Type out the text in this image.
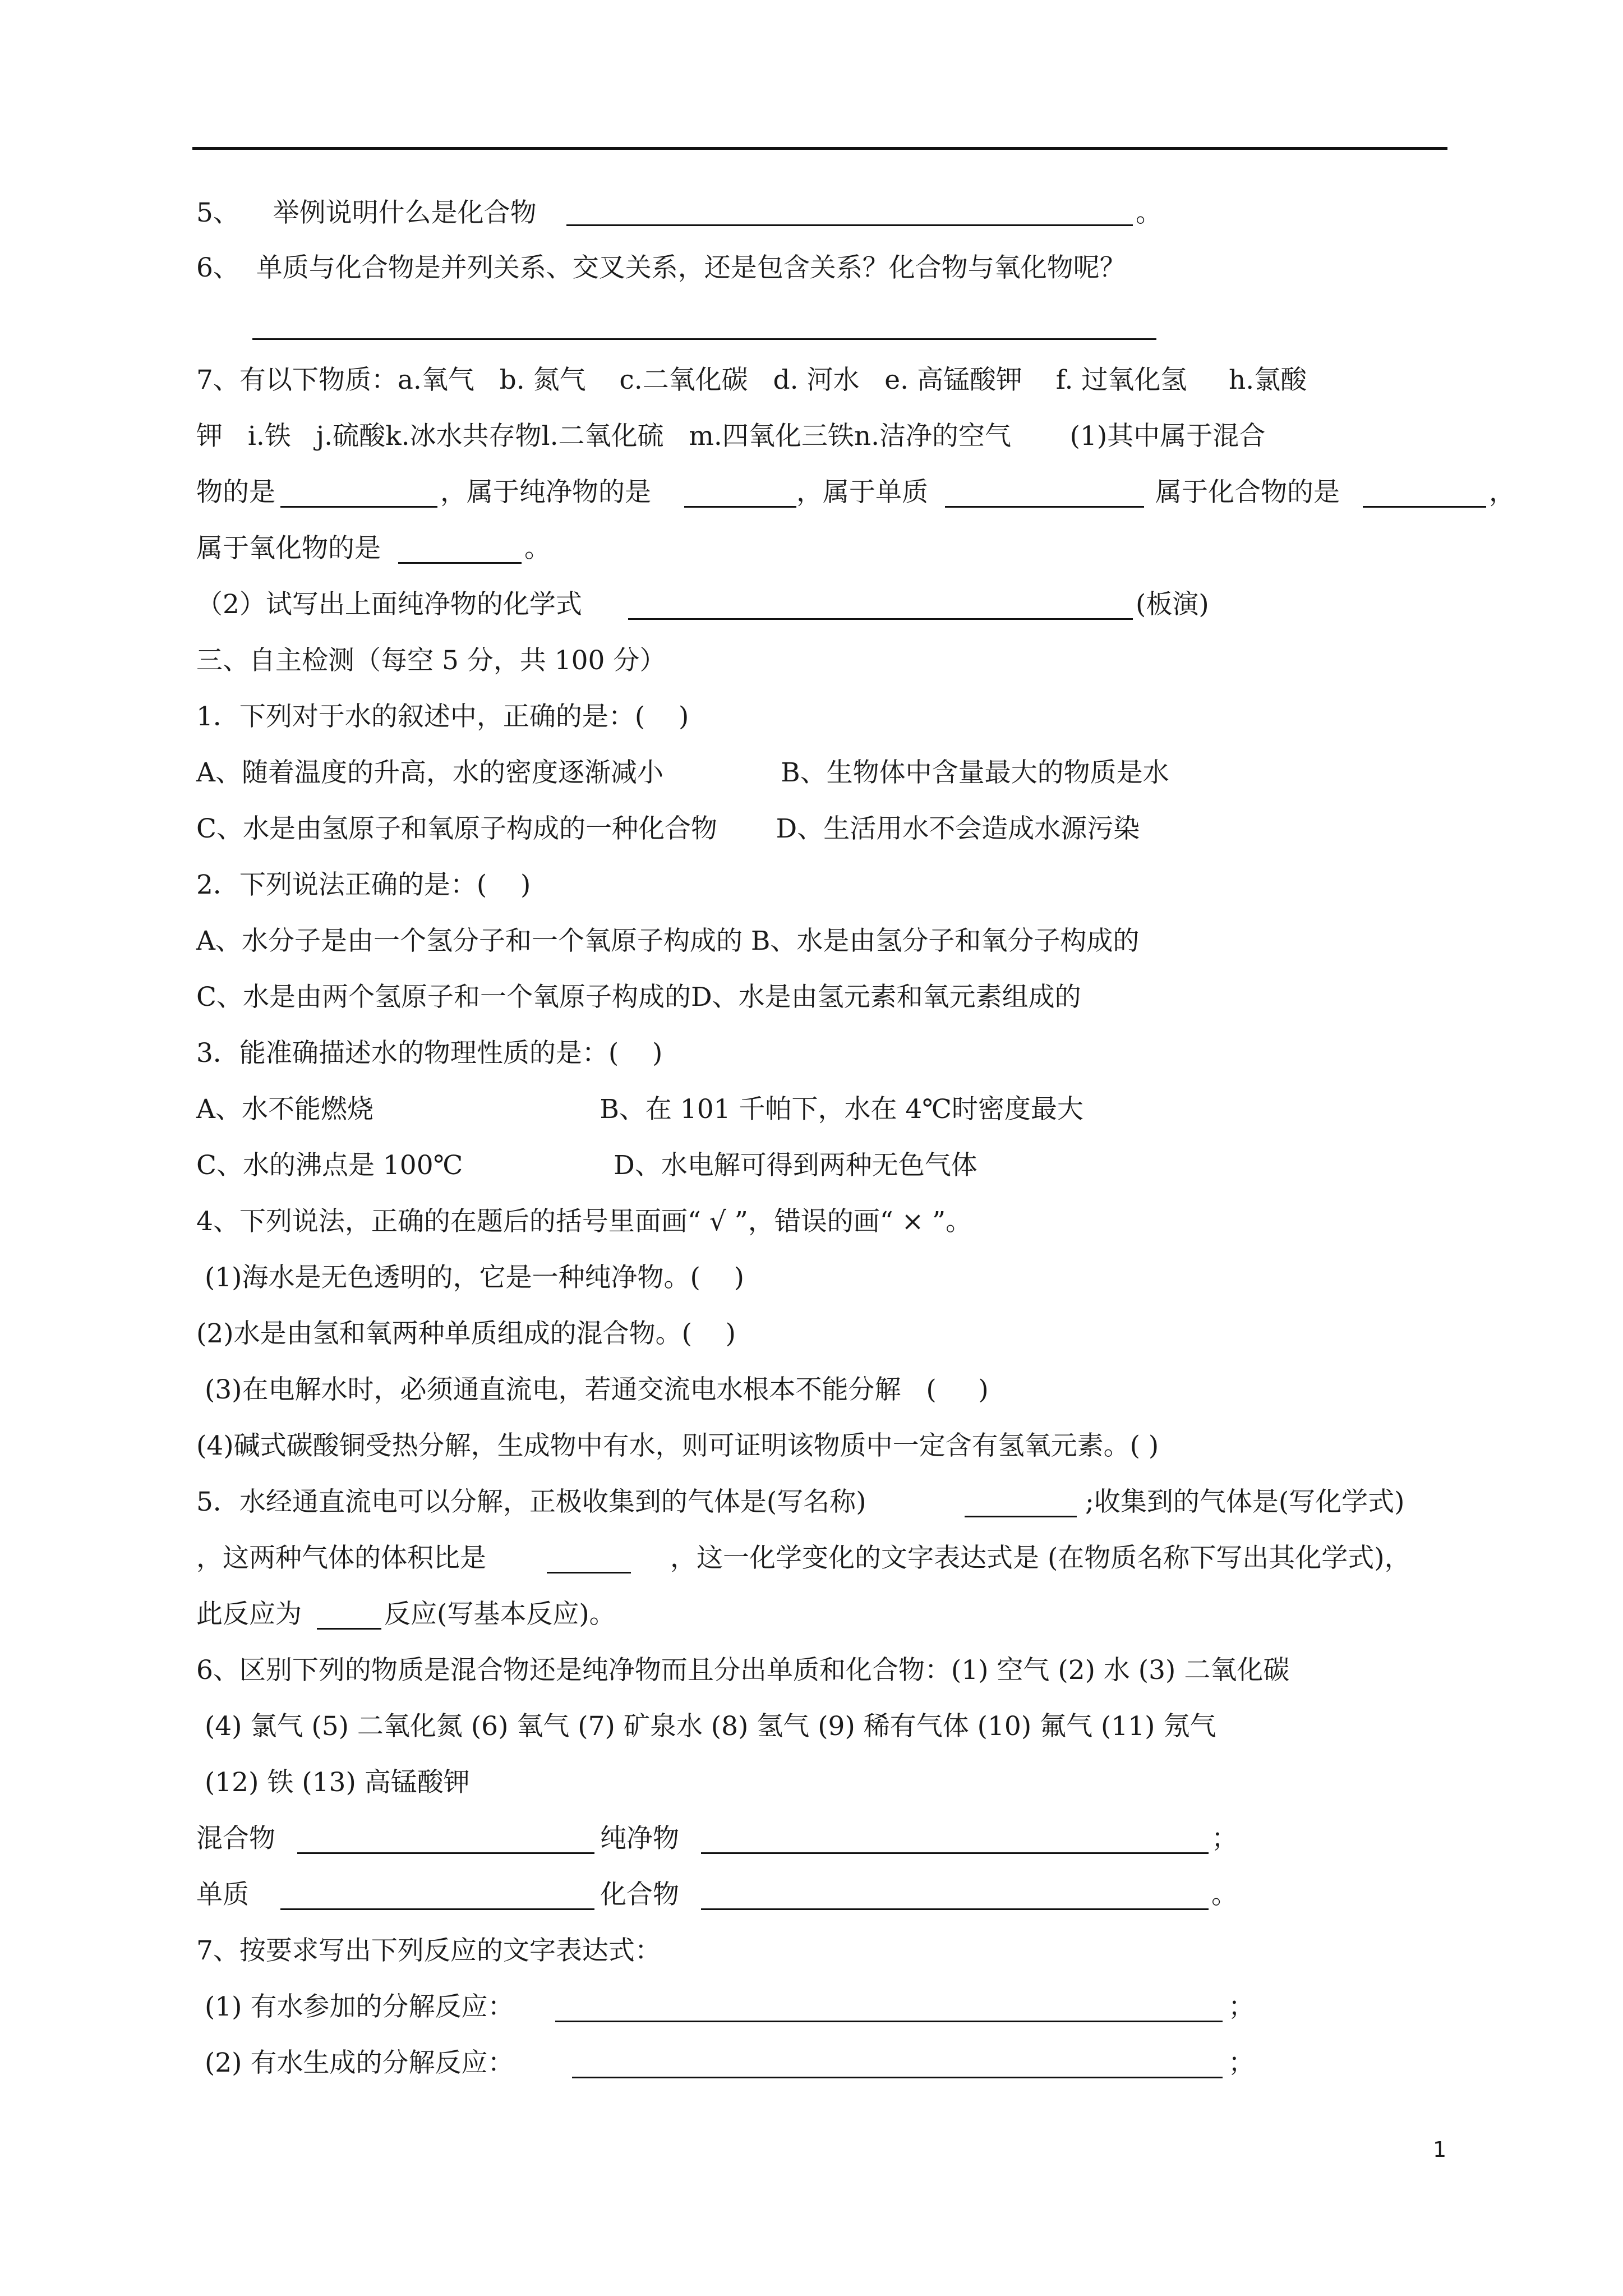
5、    举例说明什么是化合物	。
6、  单质与化合物是并列关系、交叉关系，还是包含关系？化合物与氧化物呢？
7、有以下物质：a.氧气   b. 氮气    c.二氧化碳   d. 河水   e. 高锰酸钾    f. 过氧化氢     h.氯酸
钾   i.铁   j.硫酸k.冰水共存物l.二氧化硫   m.四氧化三铁n.洁净的空气       (1)其中属于混合
物的是	，属于纯净物的是	，属于单质	属于化合物的是	，
属于氧化物的是	。
（2）试写出上面纯净物的化学式	(板演)
三、自主检测（每空 5 分，共 100 分）
1．下列对于水的叙述中，正确的是：(    )
A、随着温度的升高，水的密度逐渐减小              B、生物体中含量最大的物质是水
C、水是由氢原子和氧原子构成的一种化合物       D、生活用水不会造成水源污染
2．下列说法正确的是：(    )
A、水分子是由一个氢分子和一个氧原子构成的 B、水是由氢分子和氧分子构成的
C、水是由两个氢原子和一个氧原子构成的D、水是由氢元素和氧元素组成的
3．能准确描述水的物理性质的是：(    )
A、水不能燃烧                           B、在 101 千帕下，水在 4℃时密度最大
C、水的沸点是 100℃                  D、水电解可得到两种无色气体
4、下列说法，正确的在题后的括号里面画“ √ ”，错误的画“ × ”。
(1)海水是无色透明的，它是一种纯净物。(    )
(2)水是由氢和氧两种单质组成的混合物。(    )
(3)在电解水时，必须通直流电，若通交流电水根本不能分解   (     )
(4)碱式碳酸铜受热分解，生成物中有水，则可证明该物质中一定含有氢氧元素。( )
5．水经通直流电可以分解，正极收集到的气体是(写名称)	;收集到的气体是(写化学式)
，这两种气体的体积比是	，这一化学变化的文字表达式是 (在物质名称下写出其化学式)，
此反应为	反应(写基本反应)。
6、区别下列的物质是混合物还是纯净物而且分出单质和化合物：(1) 空气 (2) 水 (3) 二氧化碳
(4) 氯气 (5) 二氧化氮 (6) 氧气 (7) 矿泉水 (8) 氢气 (9) 稀有气体 (10) 氟气 (11) 氖气
(12) 铁 (13) 高锰酸钾
混合物	纯净物	；
单质	化合物	。
7、按要求写出下列反应的文字表达式：
(1) 有水参加的分解反应：	；
(2) 有水生成的分解反应：	；
1
